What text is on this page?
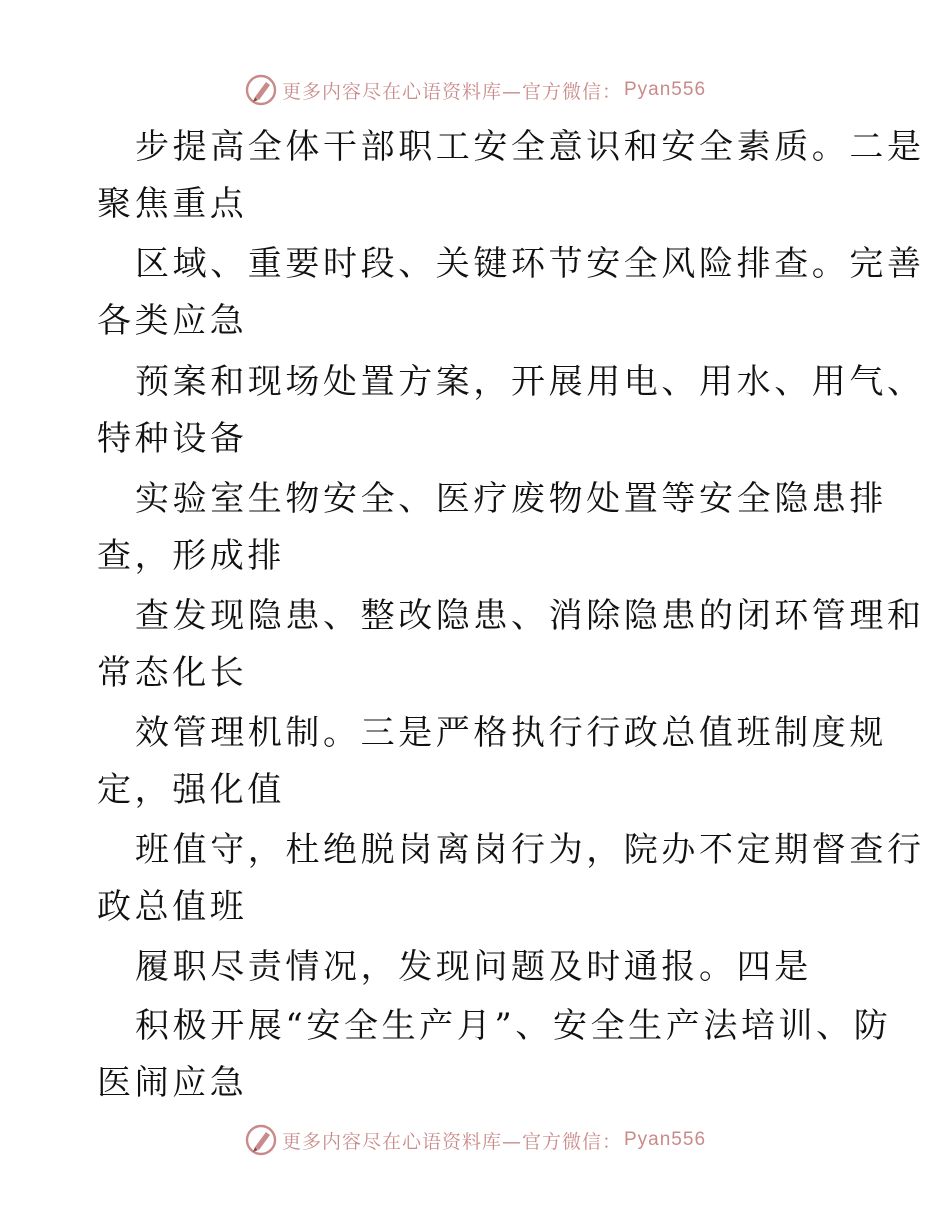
更多内容尽在心语资料库—官方微信： Pyan556
步提高全体干部职工安全意识和安全素质。二是
聚焦重点
区域、重要时段、关键环节安全风险排查。完善
各类应急
预案和现场处置方案，开展用电、用水、用气、
特种设备
实验室生物安全、医疗废物处置等安全隐患排
查，形成排
查发现隐患、整改隐患、消除隐患的闭环管理和
常态化长
效管理机制。三是严格执行行政总值班制度规
定，强化值
班值守，杜绝脱岗离岗行为，院办不定期督查行
政总值班
履职尽责情况，发现问题及时通报。四是
积极开展“安全生产月”、安全生产法培训、防
医闹应急
更多内容尽在心语资料库—官方微信： Pyan556
